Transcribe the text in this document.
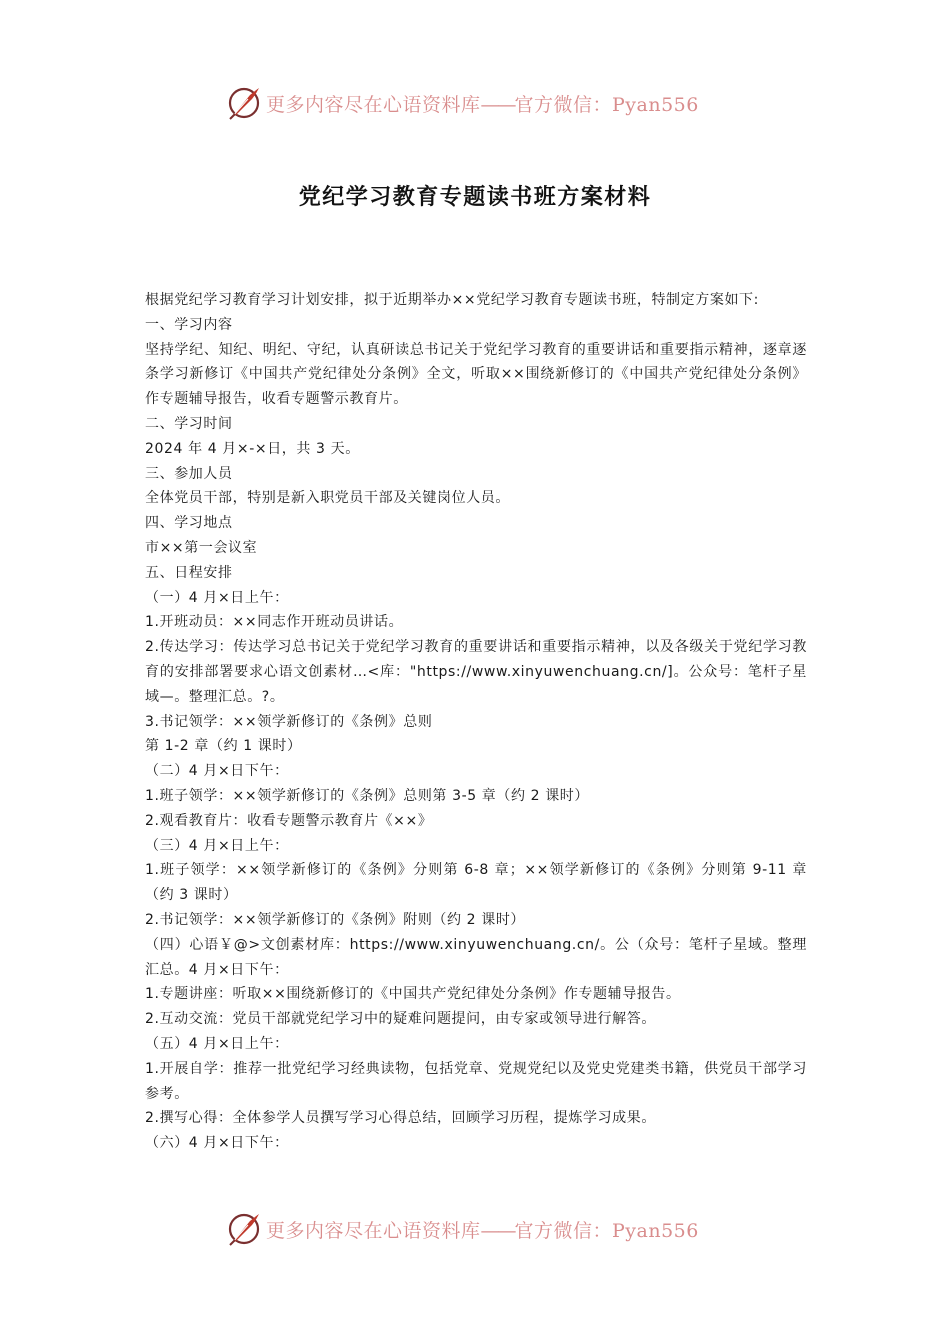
更多内容尽在心语资料库——官方微信：Pyan556
党纪学习教育专题读书班方案材料

根据党纪学习教育学习计划安排，拟于近期举办××党纪学习教育专题读书班，特制定方案如下:

一、学习内容

坚持学纪、知纪、明纪、守纪，认真研读总书记关于党纪学习教育的重要讲话和重要指示精神，逐章逐条学习新修订《中国共产党纪律处分条例》全文，听取××围绕新修订的《中国共产党纪律处分条例》作专题辅导报告，收看专题警示教育片。

二、学习时间

2024 年 4 月×-×日，共 3 天。

三、参加人员

全体党员干部，特别是新入职党员干部及关键岗位人员。

四、学习地点

市××第一会议室

五、日程安排

（一）4 月×日上午：

1.开班动员：××同志作开班动员讲话。

2.传达学习：传达学习总书记关于党纪学习教育的重要讲话和重要指示精神，以及各级关于党纪学习教育的安排部署要求心语文创素材…<库："https://www.xinyuwenchuang.cn/]。公众号：笔杆子星域—。整理汇总。?。

3.书记领学：××领学新修订的《条例》总则

第 1-2 章（约 1 课时）

（二）4 月×日下午：

1.班子领学：××领学新修订的《条例》总则第 3-5 章（约 2 课时）

2.观看教育片：收看专题警示教育片《××》

（三）4 月×日上午：

1.班子领学：××领学新修订的《条例》分则第 6-8 章；××领学新修订的《条例》分则第 9-11 章（约 3 课时）

2.书记领学：××领学新修订的《条例》附则（约 2 课时）

（四）心语￥@>文创素材库：https://www.xinyuwenchuang.cn/。公（众号：笔杆子星域。整理汇总。4 月×日下午：

1.专题讲座：听取××围绕新修订的《中国共产党纪律处分条例》作专题辅导报告。

2.互动交流：党员干部就党纪学习中的疑难问题提问，由专家或领导进行解答。

（五）4 月×日上午：

1.开展自学：推荐一批党纪学习经典读物，包括党章、党规党纪以及党史党建类书籍，供党员干部学习参考。

2.撰写心得：全体参学人员撰写学习心得总结，回顾学习历程，提炼学习成果。

（六）4 月×日下午：

更多内容尽在心语资料库——官方微信：Pyan556
